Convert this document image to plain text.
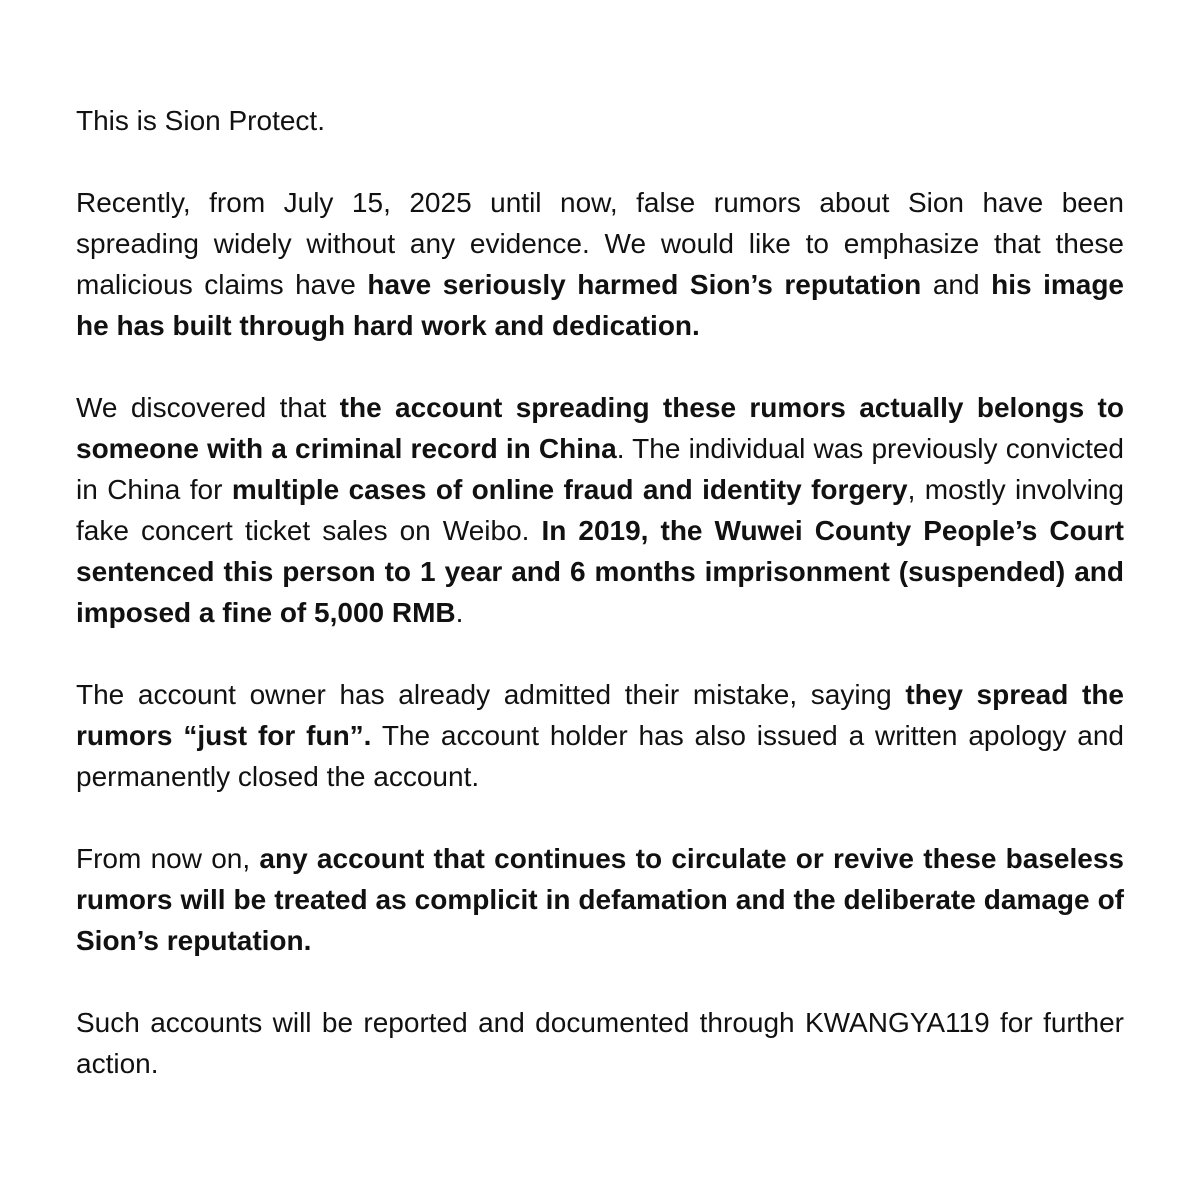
This is Sion Protect.

Recently, from July 15, 2025 until now, false rumors about Sion have been spreading widely without any evidence. We would like to emphasize that these malicious claims have have seriously harmed Sion’s reputation and his image he has built through hard work and dedication.

We discovered that the account spreading these rumors actually belongs to someone with a criminal record in China. The individual was previously convicted in China for multiple cases of online fraud and identity forgery, mostly involving fake concert ticket sales on Weibo. In 2019, the Wuwei County People’s Court sentenced this person to 1 year and 6 months imprisonment (suspended) and imposed a fine of 5,000 RMB.

The account owner has already admitted their mistake, saying they spread the rumors “just for fun”. The account holder has also issued a written apology and permanently closed the account.

From now on, any account that continues to circulate or revive these baseless rumors will be treated as complicit in defamation and the deliberate damage of Sion’s reputation.

Such accounts will be reported and documented through KWANGYA119 for further action.
